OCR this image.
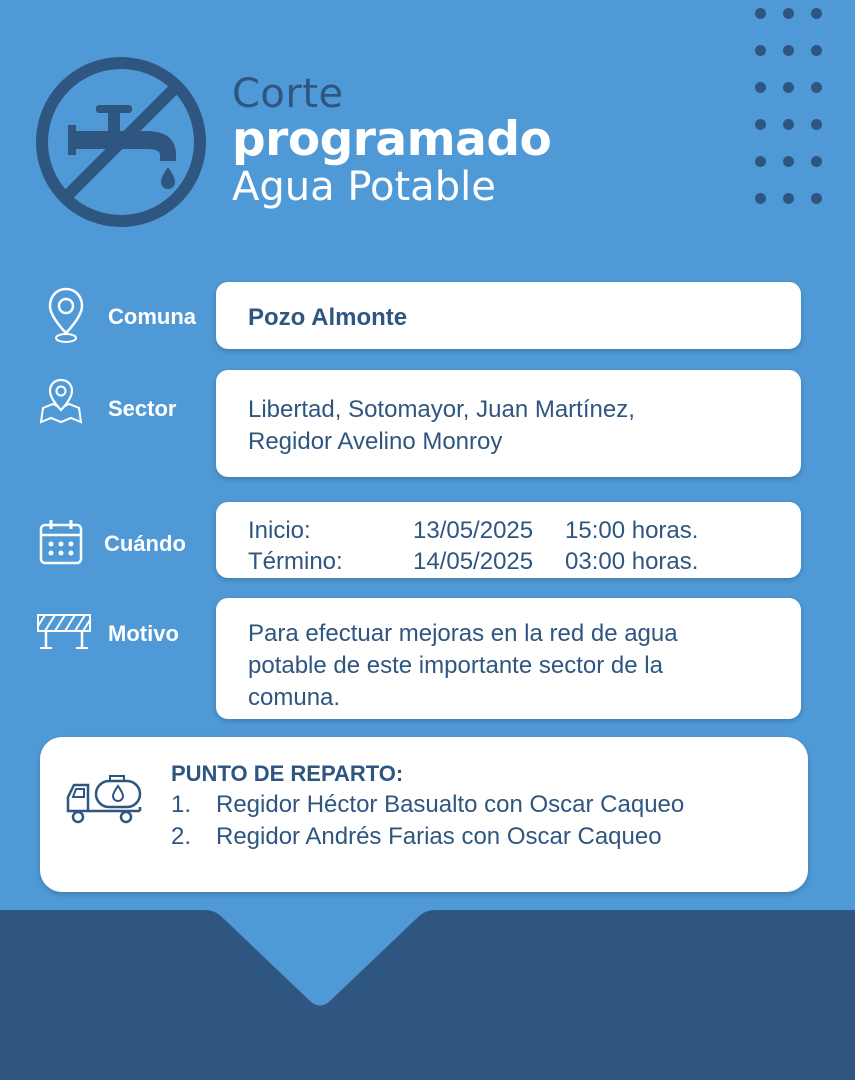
Corte
programado
Agua Potable
Comuna	Pozo Almonte
Sector	Libertad, Sotomayor, Juan Martínez,
Regidor Avelino Monroy
Cuándo	Inicio:	13/05/2025	15:00 horas.
Término:	14/05/2025	03:00 horas.
Motivo	Para efectuar mejoras en la red de agua
potable de este importante sector de la
comuna.
PUNTO DE REPARTO:
1.	Regidor Héctor Basualto con Oscar Caqueo
2.	Regidor Andrés Farias con Oscar Caqueo
